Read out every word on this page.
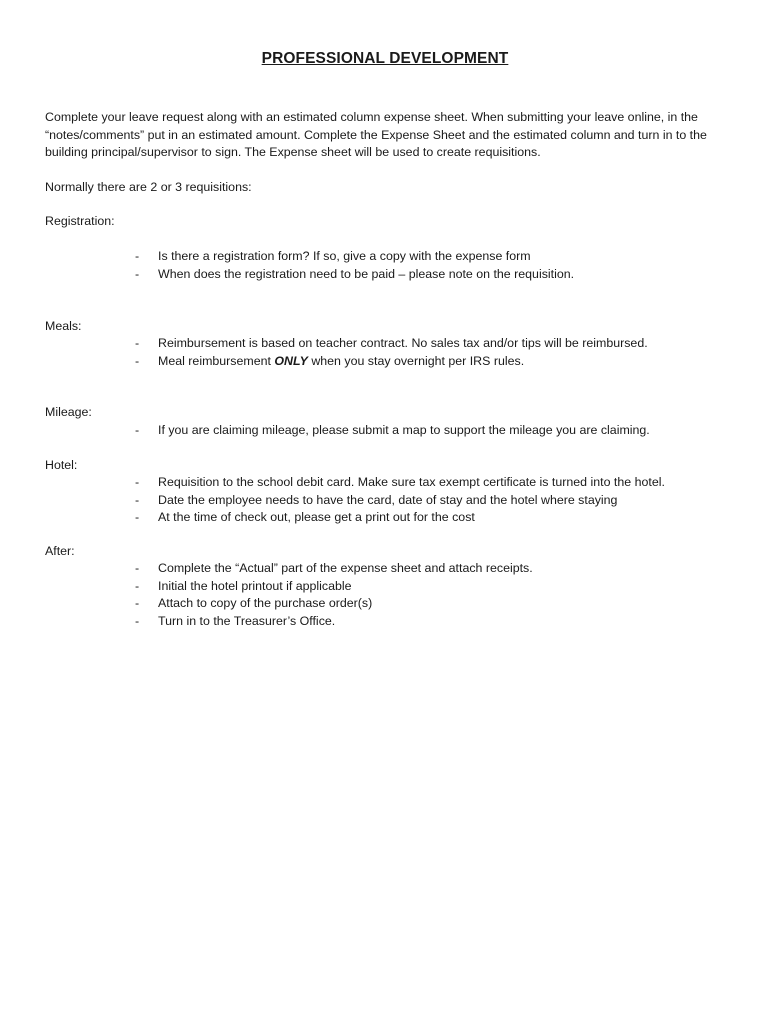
PROFESSIONAL DEVELOPMENT

Complete your leave request along with an estimated column expense sheet. When submitting your leave online, in the “notes/comments” put in an estimated amount. Complete the Expense Sheet and the estimated column and turn in to the building principal/supervisor to sign. The Expense sheet will be used to create requisitions.

Normally there are 2 or 3 requisitions:

Registration:

- Is there a registration form? If so, give a copy with the expense form
- When does the registration need to be paid – please note on the requisition.

Meals:

- Reimbursement is based on teacher contract. No sales tax and/or tips will be reimbursed.
- Meal reimbursement ONLY when you stay overnight per IRS rules.

Mileage:

- If you are claiming mileage, please submit a map to support the mileage you are claiming.

Hotel:

- Requisition to the school debit card. Make sure tax exempt certificate is turned into the hotel.
- Date the employee needs to have the card, date of stay and the hotel where staying
- At the time of check out, please get a print out for the cost

After:

- Complete the “Actual” part of the expense sheet and attach receipts.
- Initial the hotel printout if applicable
- Attach to copy of the purchase order(s)
- Turn in to the Treasurer’s Office.
